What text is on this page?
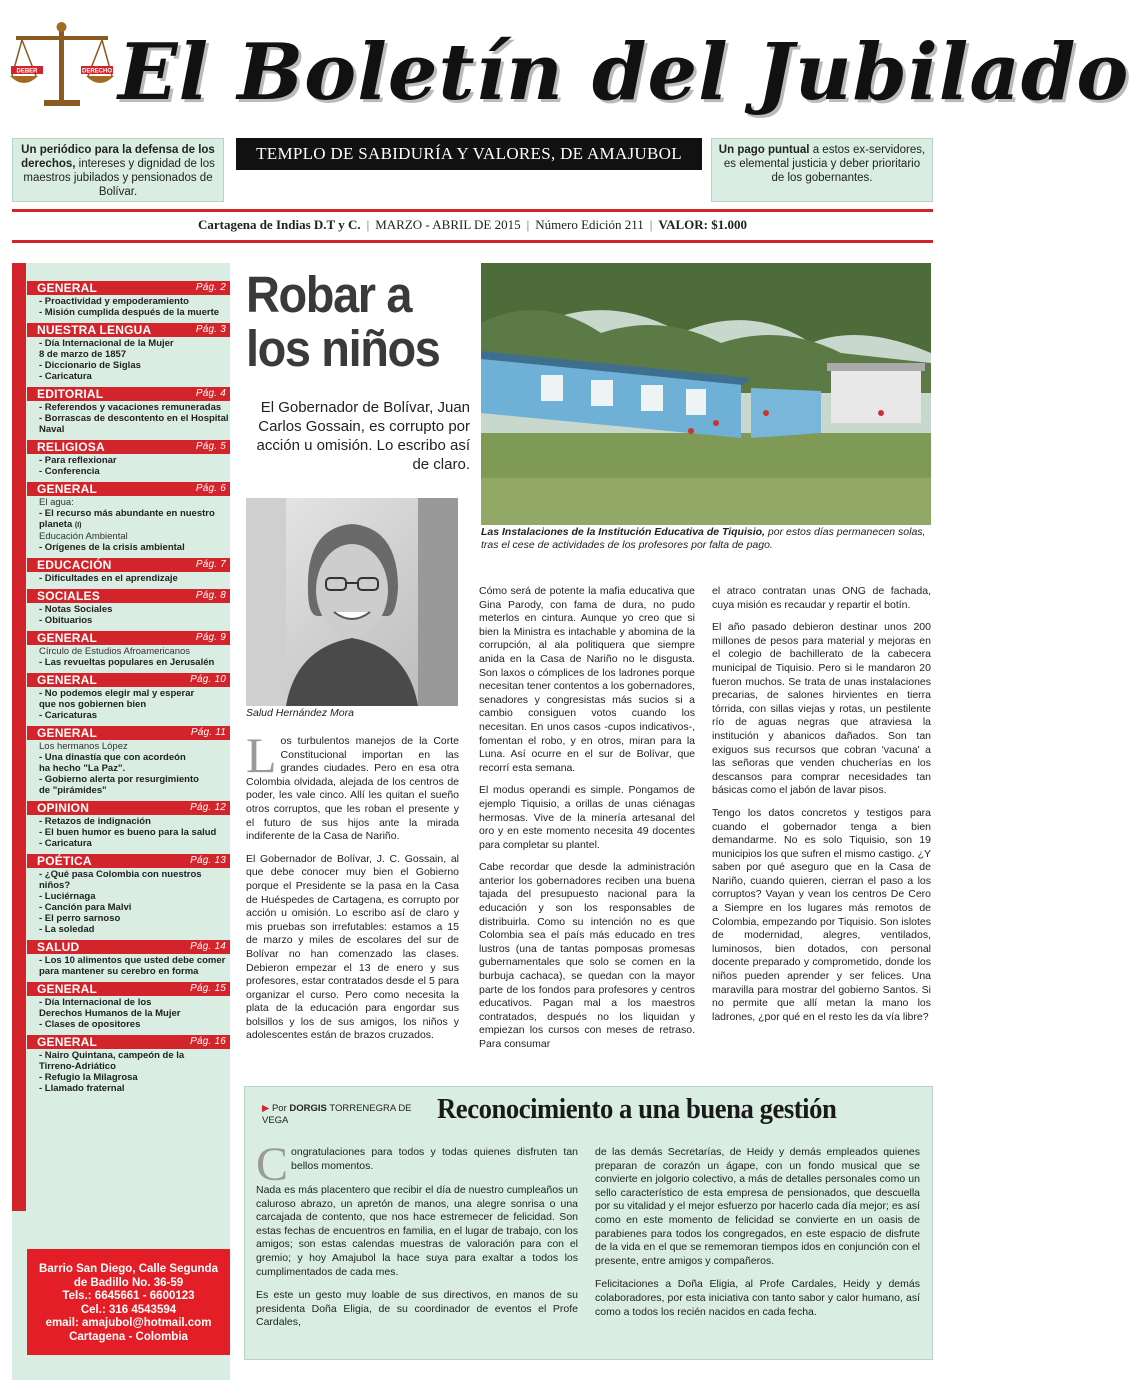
DEBER	DERECHO El Boletín del Jubilado
Un periódico para la defensa de los derechos, intereses y dignidad de los maestros jubilados y pensionados de Bolívar.
TEMPLO DE SABIDURÍA Y VALORES, DE AMAJUBOL	Un pago puntual a estos ex-servidores, es elemental justicia y deber prioritario de los gobernantes.
Cartagena de Indias D.T y C. | MARZO - ABRIL DE 2015 | Número Edición 211 | VALOR: $1.000
GENERAL	Pág. 2
- Proactividad y empoderamiento
- Misión cumplida después de la muerte
NUESTRA LENGUA	Pág. 3
- Día Internacional de la Mujer
8 de marzo de 1857
- Diccionario de Siglas
- Caricatura
EDITORIAL	Pág. 4
- Referendos y vacaciones remuneradas
- Borrascas de descontento en el Hospital Naval
RELIGIOSA	Pág. 5
- Para reflexionar
- Conferencia
GENERAL	Pág. 6
El agua:
- El recurso más abundante en nuestro planeta (I)
Educación Ambiental
- Orígenes de la crisis ambiental
EDUCACIÓN	Pág. 7
- Dificultades en el aprendizaje
SOCIALES	Pág. 8
- Notas Sociales
- Obituarios
GENERAL	Pág. 9
Círculo de Estudios Afroamericanos
- Las revueltas populares en Jerusalén
GENERAL	Pág. 10
- No podemos elegir mal y esperar
que nos gobiernen bien
- Caricaturas
GENERAL	Pág. 11
Los hermanos López
- Una dinastía que con acordeón
ha hecho "La Paz".
- Gobierno alerta por resurgimiento
de "pirámides"
OPINION	Pág. 12
- Retazos de indignación
- El buen humor es bueno para la salud
- Caricatura
POÉTICA	Pág. 13
- ¿Qué pasa Colombia con nuestros niños?
- Luciérnaga
- Canción para Malvi
- El perro sarnoso
- La soledad
SALUD	Pág. 14
- Los 10 alimentos que usted debe comer
para mantener su cerebro en forma
GENERAL	Pág. 15
- Día Internacional de los
Derechos Humanos de la Mujer
- Clases de opositores
GENERAL	Pág. 16
- Nairo Quintana, campeón de la
Tirreno-Adriático
- Refugio la Milagrosa
- Llamado fraternal
Barrio San Diego, Calle Segunda
de Badillo No. 36-59
Tels.: 6645661 - 6600123
Cel.: 316 4543594
email: amajubol@hotmail.com
Cartagena - Colombia
Robar a
los niños
El Gobernador de Bolívar, Juan Carlos Gossain, es corrupto por acción u omisión. Lo escribo así de claro.
Salud Hernández Mora
Las Instalaciones de la Institución Educativa de Tiquisio, por estos días permanecen solas, tras el cese de actividades de los profesores por falta de pago.

Los turbulentos manejos de la Corte Constitucional importan en las grandes ciudades. Pero en esa otra Colombia olvidada, alejada de los centros de poder, les vale cinco. Allí les quitan el sueño otros corruptos, que les roban el presente y el futuro de sus hijos ante la mirada indiferente de la Casa de Nariño.

El Gobernador de Bolívar, J. C. Gossain, al que debe conocer muy bien el Gobierno porque el Presidente se la pasa en la Casa de Huéspedes de Cartagena, es corrupto por acción u omisión. Lo escribo así de claro y mis pruebas son irrefutables: estamos a 15 de marzo y miles de escolares del sur de Bolívar no han comenzado las clases. Debieron empezar el 13 de enero y sus profesores, estar contratados desde el 5 para organizar el curso. Pero como necesita la plata de la educación para engordar sus bolsillos y los de sus amigos, los niños y adolescentes están de brazos cruzados.

Cómo será de potente la mafia educativa que Gina Parody, con fama de dura, no pudo meterlos en cintura. Aunque yo creo que si bien la Ministra es intachable y abomina de la corrupción, al ala politiquera que siempre anida en la Casa de Nariño no le disgusta. Son laxos o cómplices de los ladrones porque necesitan tener contentos a los gobernadores, senadores y congresistas más sucios si a cambio consiguen votos cuando los necesitan. En unos casos -cupos indicativos-, fomentan el robo, y en otros, miran para la Luna. Así ocurre en el sur de Bolívar, que recorrí esta semana.

El modus operandi es simple. Pongamos de ejemplo Tiquisio, a orillas de unas ciénagas hermosas. Vive de la minería artesanal del oro y en este momento necesita 49 docentes para completar su plantel.

Cabe recordar que desde la administración anterior los gobernadores reciben una buena tajada del presupuesto nacional para la educación y son los responsables de distribuirla. Como su intención no es que Colombia sea el país más educado en tres lustros (una de tantas pomposas promesas gubernamentales que solo se comen en la burbuja cachaca), se quedan con la mayor parte de los fondos para profesores y centros educativos. Pagan mal a los maestros contratados, después no los liquidan y empiezan los cursos con meses de retraso. Para consumar

el atraco contratan unas ONG de fachada, cuya misión es recaudar y repartir el botín.

El año pasado debieron destinar unos 200 millones de pesos para material y mejoras en el colegio de bachillerato de la cabecera municipal de Tiquisio. Pero si le mandaron 20 fueron muchos. Se trata de unas instalaciones precarias, de salones hirvientes en tierra tórrida, con sillas viejas y rotas, un pestilente río de aguas negras que atraviesa la institución y abanicos dañados. Son tan exiguos sus recursos que cobran 'vacuna' a las señoras que venden chucherías en los descansos para comprar necesidades tan básicas como el jabón de lavar pisos.

Tengo los datos concretos y testigos para cuando el gobernador tenga a bien demandarme. No es solo Tiquisio, son 19 municipios los que sufren el mismo castigo. ¿Y saben por qué aseguro que en la Casa de Nariño, cuando quieren, cierran el paso a los corruptos? Vayan y vean los centros De Cero a Siempre en los lugares más remotos de Colombia, empezando por Tiquisio. Son islotes de modernidad, alegres, ventilados, luminosos, bien dotados, con personal docente preparado y comprometido, donde los niños pueden aprender y ser felices. Una maravilla para mostrar del gobierno Santos. Si no permite que allí metan la mano los ladrones, ¿por qué en el resto les da vía libre?

▶ Por DORGIS TORRENEGRA DE VEGA	Reconocimiento a una buena gestión

Congratulaciones para todos y todas quienes disfruten tan bellos momentos.

Nada es más placentero que recibir el día de nuestro cumpleaños un caluroso abrazo, un apretón de manos, una alegre sonrisa o una carcajada de contento, que nos hace estremecer de felicidad. Son estas fechas de encuentros en familia, en el lugar de trabajo, con los amigos; son estas calendas muestras de valoración para con el gremio; y hoy Amajubol la hace suya para exaltar a todos los cumplimentados de cada mes.

Es este un gesto muy loable de sus directivos, en manos de su presidenta Doña Eligia, de su coordinador de eventos el Profe Cardales,

de las demás Secretarías, de Heidy y demás empleados quienes preparan de corazón un ágape, con un fondo musical que se convierte en jolgorio colectivo, a más de detalles personales como un sello característico de esta empresa de pensionados, que descuella por su vitalidad y el mejor esfuerzo por hacerlo cada día mejor; es así como en este momento de felicidad se convierte en un oasis de parabienes para todos los congregados, en este espacio de disfrute de la vida en el que se rememoran tiempos idos en conjunción con el presente, entre amigos y compañeros.

Felicitaciones a Doña Eligia, al Profe Cardales, Heidy y demás colaboradores, por esta iniciativa con tanto sabor y calor humano, así como a todos los recién nacidos en cada fecha.
